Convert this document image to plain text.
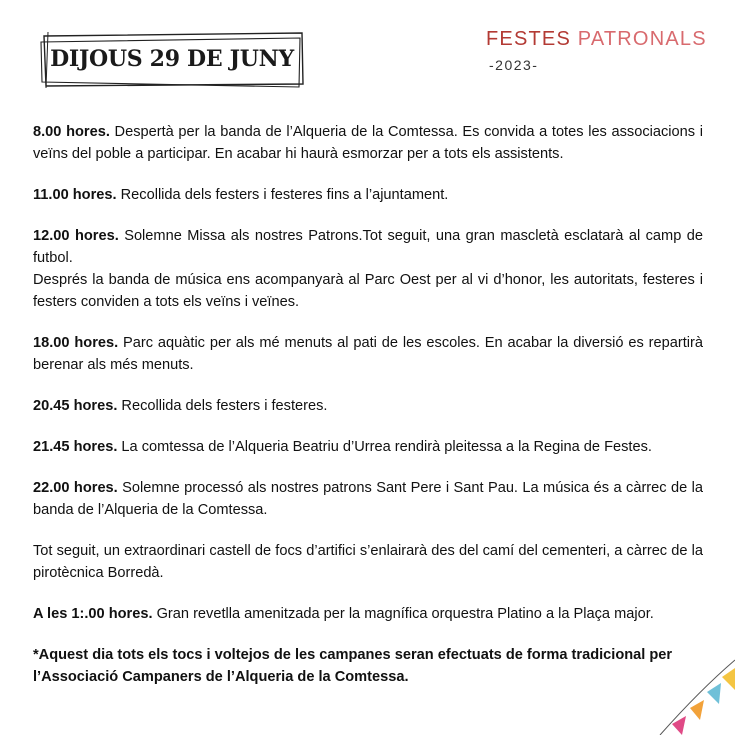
DIJOUS 29 DE JUNY
FESTES PATRONALS
-2023-

8.00 hores. Despertà per la banda de l’Alqueria de la Comtessa. Es convida a totes les associacions i veïns del poble a participar. En acabar hi haurà esmorzar per a tots els assistents.

11.00 hores. Recollida dels festers i festeres fins a l’ajuntament.

12.00 hores. Solemne Missa als nostres Patrons.Tot seguit, una gran mascletà esclatarà al camp de futbol.
Després la banda de música ens acompanyarà al Parc Oest per al vi d’honor, les autoritats, festeres i festers conviden a tots els veïns i veïnes.

18.00 hores. Parc aquàtic per als mé menuts al pati de les escoles. En acabar la diversió es repartirà berenar als més menuts.

20.45 hores. Recollida dels festers i festeres.

21.45 hores. La comtessa de l’Alqueria Beatriu d’Urrea rendirà pleitessa a la Regina de Festes.

22.00 hores. Solemne processó als nostres patrons Sant Pere i Sant Pau. La música és a càrrec de la banda de l’Alqueria de la Comtessa.

Tot seguit, un extraordinari castell de focs d’artifici s’enlairarà des del camí del cementeri, a càrrec de la pirotècnica Borredà.

A les 1:.00 hores. Gran revetlla amenitzada per la magnífica orquestra Platino a la Plaça major.

*Aquest dia tots els tocs i voltejos de les campanes seran efectuats de forma tradicional per l’Associació Campaners de l’Alqueria de la Comtessa.
